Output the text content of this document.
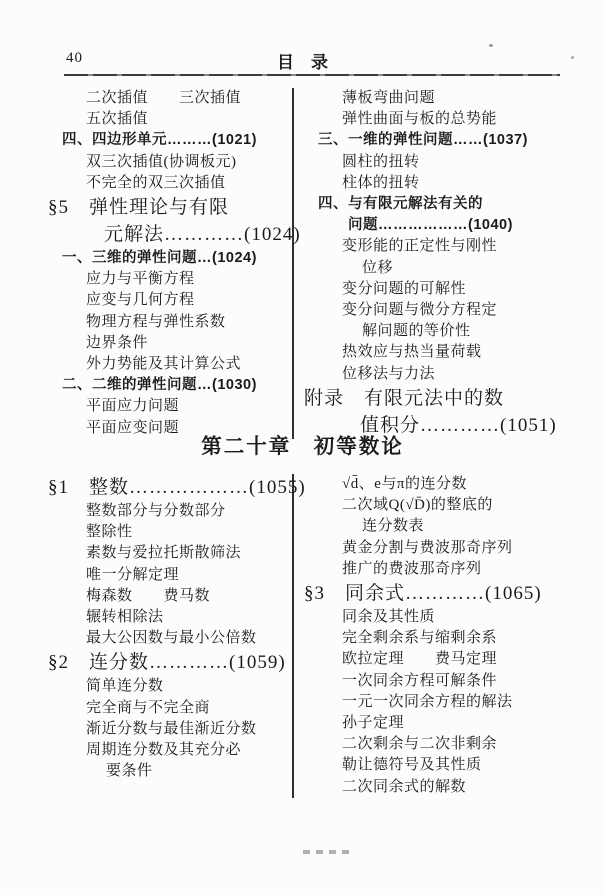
40	目　录
二次插值　　三次插值
五次插值
四、四边形单元………(1021)
双三次插值(协调板元)
不完全的双三次插值
§5　弹性理论与有限
元解法…………(1024)
一、三维的弹性问题…(1024)
应力与平衡方程
应变与几何方程
物理方程与弹性系数
边界条件
外力势能及其计算公式
二、二维的弹性问题…(1030)
平面应力问题
平面应变问题
薄板弯曲问题
弹性曲面与板的总势能
三、一维的弹性问题……(1037)
圆柱的扭转
柱体的扭转
四、与有限元解法有关的
问题………………(1040)
变形能的正定性与刚性
位移
变分问题的可解性
变分问题与微分方程定
解问题的等价性
热效应与热当量荷载
位移法与力法
附录　有限元法中的数
值积分…………(1051)
第二十章　初等数论
§1　整数………………(1055)
整数部分与分数部分
整除性
素数与爱拉托斯散筛法
唯一分解定理
梅森数　　费马数
辗转相除法
最大公因数与最小公倍数
§2　连分数…………(1059)
简单连分数
完全商与不完全商
渐近分数与最佳渐近分数
周期连分数及其充分必
要条件
√d̄、e与π的连分数
二次域Q(√D̄)的整底的
连分数表
黄金分割与费波那奇序列
推广的费波那奇序列
§3　同余式…………(1065)
同余及其性质
完全剩余系与缩剩余系
欧拉定理　　费马定理
一次同余方程可解条件
一元一次同余方程的解法
孙子定理
二次剩余与二次非剩余
勒让德符号及其性质
二次同余式的解数
